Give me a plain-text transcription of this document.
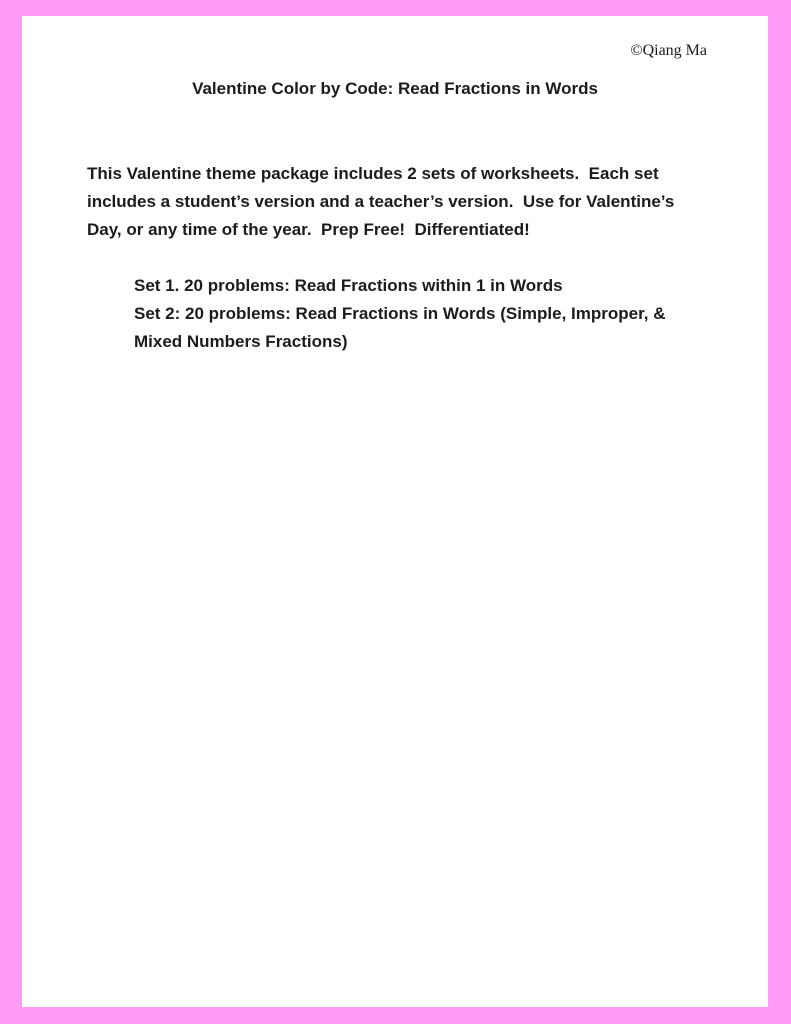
©Qiang Ma
Valentine Color by Code: Read Fractions in Words
This Valentine theme package includes 2 sets of worksheets.  Each set
includes a student’s version and a teacher’s version.  Use for Valentine’s
Day, or any time of the year.  Prep Free!  Differentiated!
Set 1. 20 problems: Read Fractions within 1 in Words
Set 2: 20 problems: Read Fractions in Words (Simple, Improper, &
Mixed Numbers Fractions)
